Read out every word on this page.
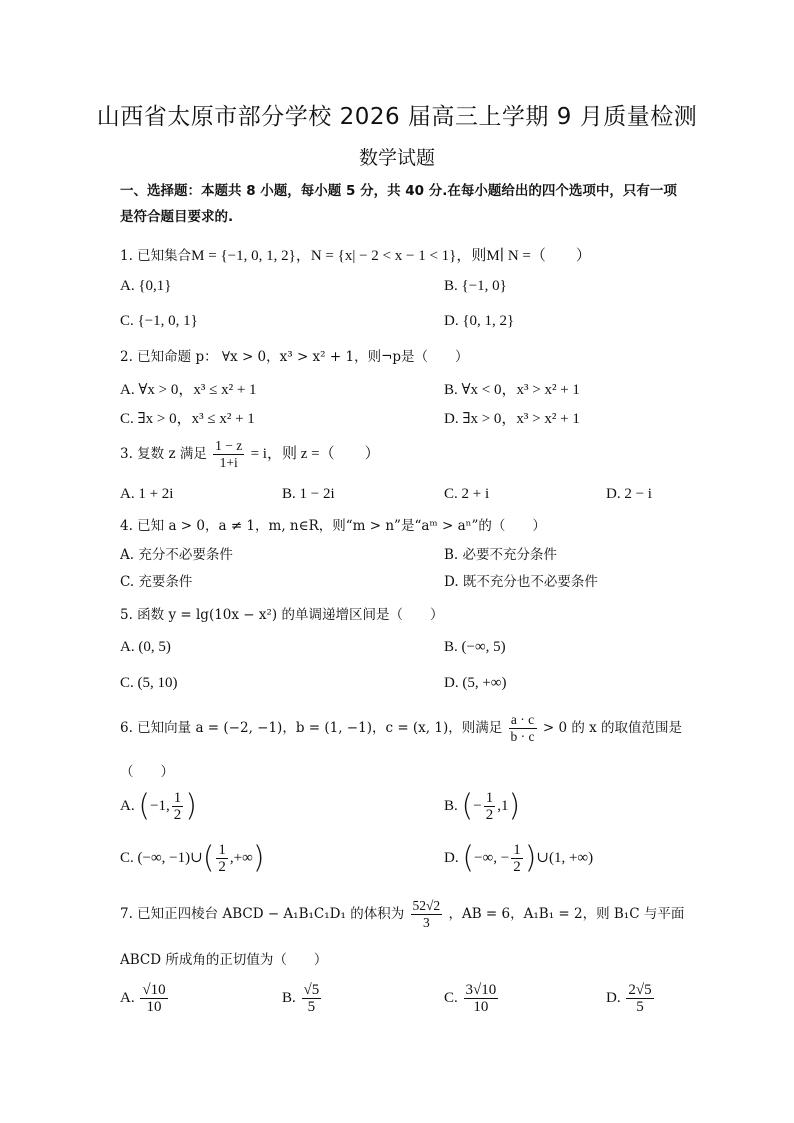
山西省太原市部分学校 2026 届高三上学期 9 月质量检测
数学试题
一、选择题：本题共 8 小题，每小题 5 分，共 40 分.在每小题给出的四个选项中，只有一项是符合题目要求的.
1. 已知集合M = {−1, 0, 1, 2}，N = {x| − 2 < x − 1 < 1}，则M∣ N =（　　）
A. {0,1}	B. {−1, 0}
C. {−1, 0, 1}	D. {0, 1, 2}
2. 已知命题 p： ∀x > 0，x³ > x² + 1，则¬p是（　　）
A. ∀x > 0，x³ ≤ x² + 1	B. ∀x < 0，x³ > x² + 1
C. ∃x > 0，x³ ≤ x² + 1	D. ∃x > 0，x³ > x² + 1
3. 复数 z 满足 $\frac{1 - z}{1+i} = i$，则 z =（　　）
A. 1 + 2i	B. 1 − 2i	C. 2 + i	D. 2 − i
4. 已知 a > 0，a ≠ 1，m, n∈R，则“m > n”是“aᵐ > aⁿ”的（　　）
A. 充分不必要条件	B. 必要不充分条件
C. 充要条件	D. 既不充分也不必要条件
5. 函数 y = lg(10x − x²) 的单调递增区间是（　　）
A. (0, 5)	B. (−∞, 5)
C. (5, 10)	D. (5, +∞)
6. 已知向量 a = (−2, −1)，b = (1, −1)，c = (x, 1)，则满足 $\frac{a \cdot c}{b \cdot c} > 0$ 的 x 的取值范围是
（　　）
A. (−1, $\frac{1}{2}$ )	B. (− $\frac{1}{2} ,1$)
C. (−∞, −1)∪( $\frac{1}{2}$ ,+∞)	D. (−∞, − $\frac{1}{2}$ )∪(1, +∞)
7. 已知正四棱台 ABCD − A₁B₁C₁D₁ 的体积为 $\frac{52√2}{3}$ ，AB = 6，A₁B₁ = 2，则 B₁C 与平面
ABCD 所成角的正切值为（　　）
A. $\frac{√10}{10}$	B. $\frac{√5}{5}$	C. $\frac{3√10}{10}$	D. $\frac{2√5}{5}$
